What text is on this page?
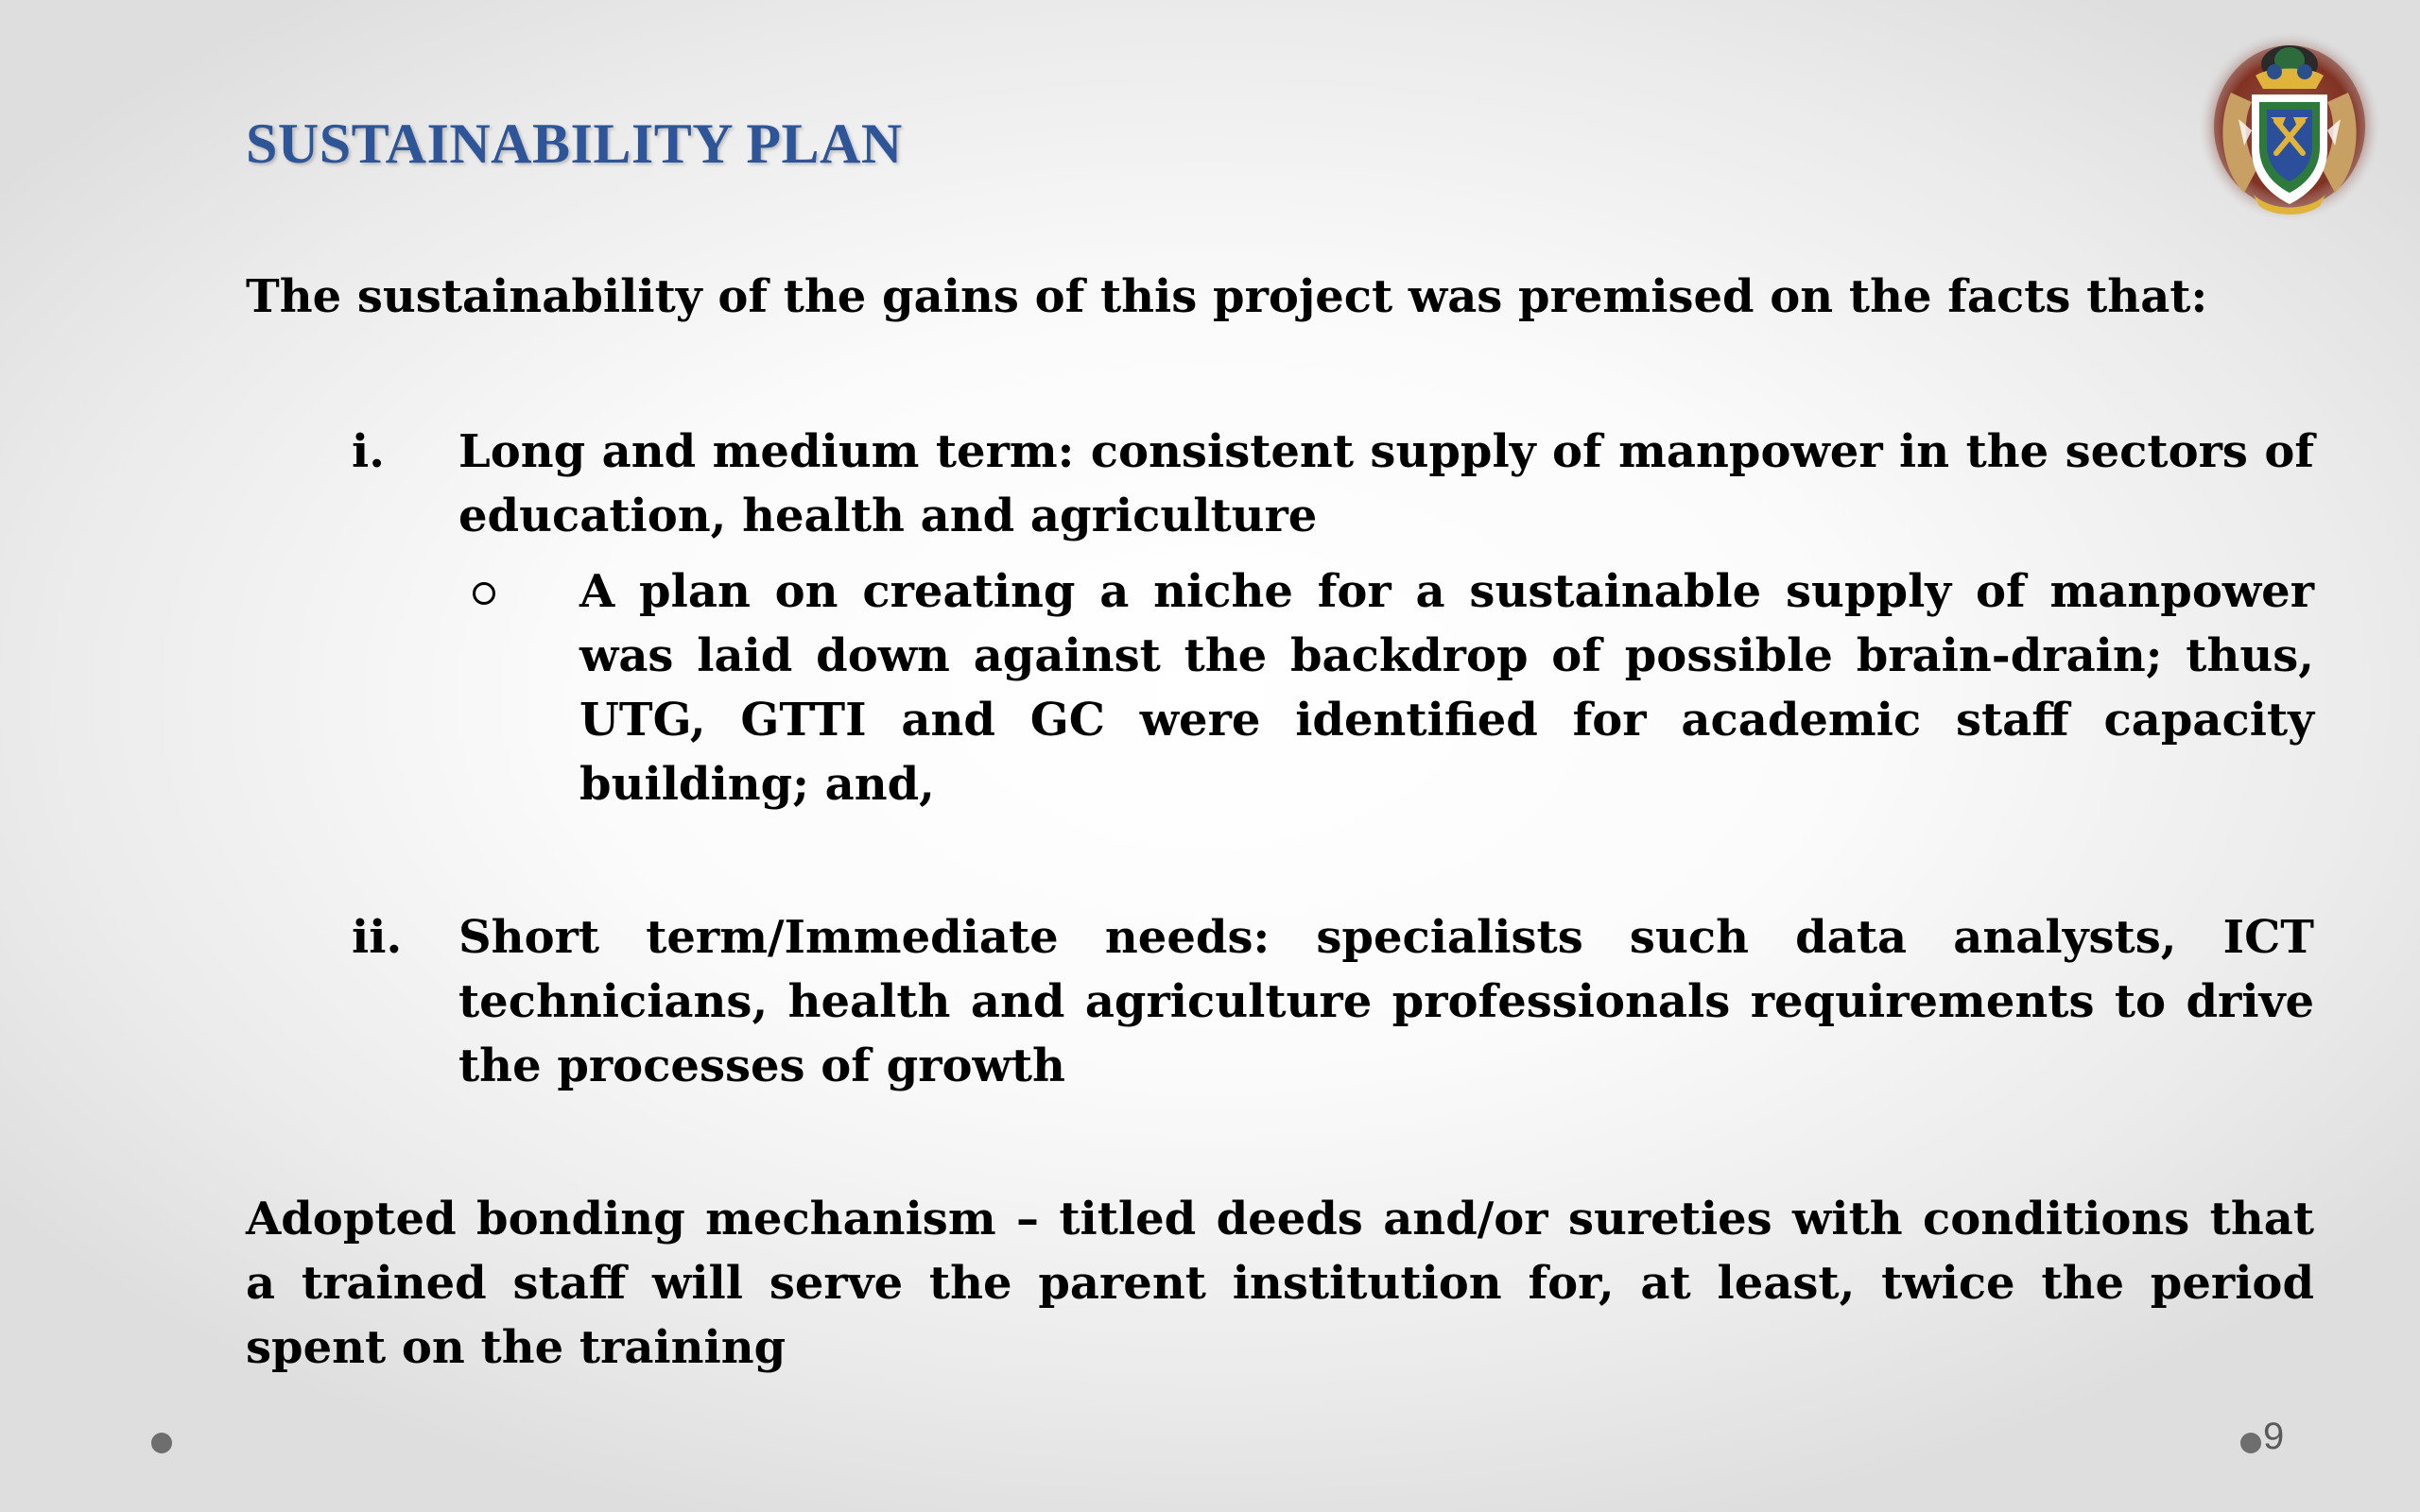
SUSTAINABILITY PLAN

The sustainability of the gains of this project was premised on the facts that:

i. Long and medium term: consistent supply of manpower in the sectors of education, health and agriculture
A plan on creating a niche for a sustainable supply of manpower was laid down against the backdrop of possible brain-drain; thus, UTG, GTTI and GC were identified for academic staff capacity building; and,
ii. Short term/Immediate needs: specialists such data analysts, ICT technicians, health and agriculture professionals requirements to drive the processes of growth

Adopted bonding mechanism – titled deeds and/or sureties with conditions that a trained staff will serve the parent institution for, at least, twice the period spent on the training

9
